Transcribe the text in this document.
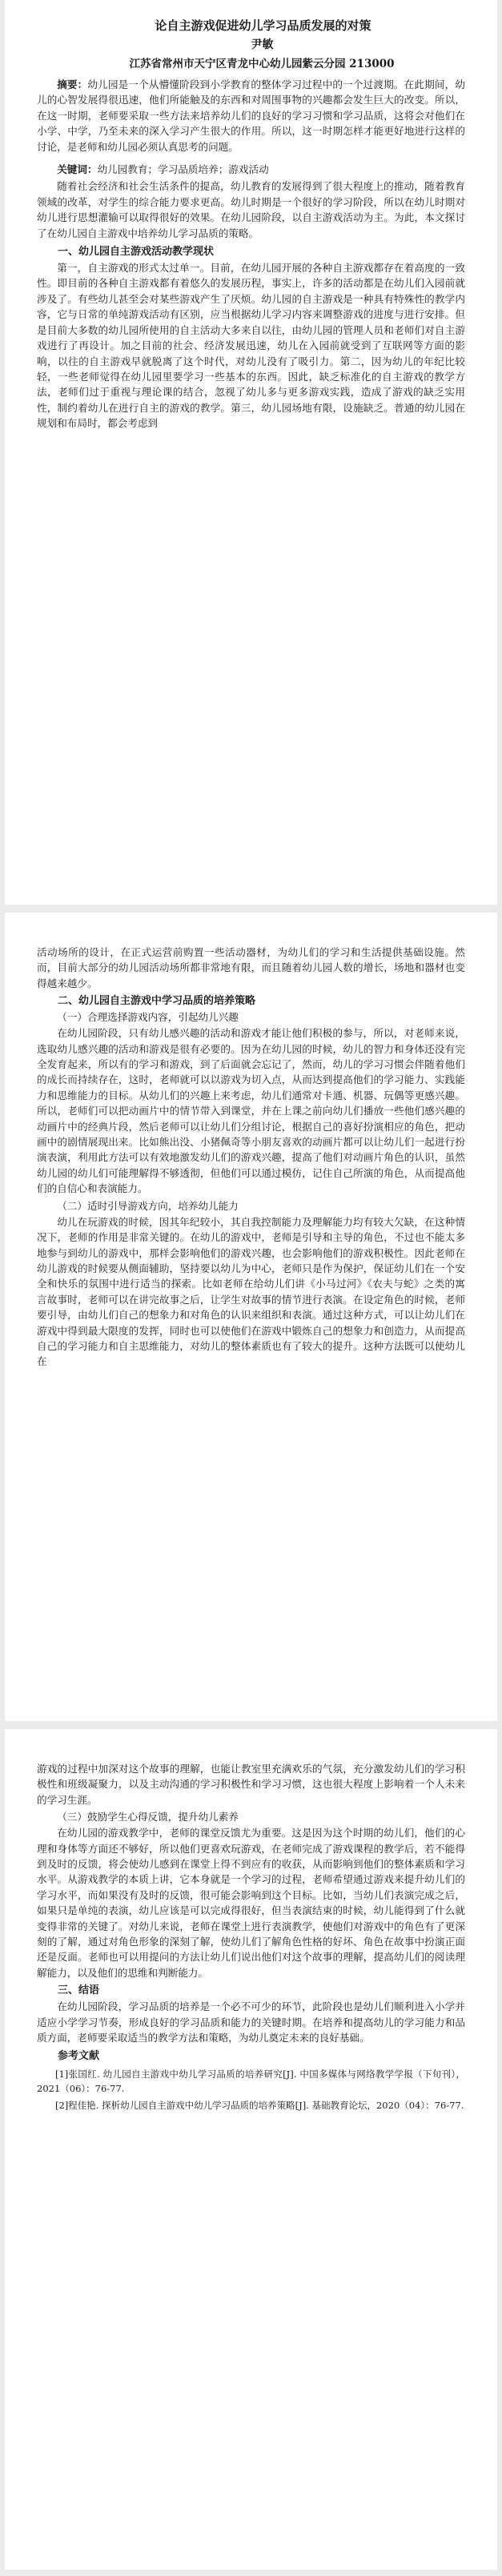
论自主游戏促进幼儿学习品质发展的对策

尹敏

江苏省常州市天宁区青龙中心幼儿园紫云分园 213000

摘要：幼儿园是一个从懵懂阶段到小学教育的整体学习过程中的一个过渡期。在此期间，幼儿的心智发展得很迅速，他们所能触及的东西和对周围事物的兴趣都会发生巨大的改变。所以，在这一时期，老师要采取一些方法来培养幼儿们的良好的学习习惯和学习品质，这将会对他们在小学、中学，乃至未来的深入学习产生很大的作用。所以，这一时期怎样才能更好地进行这样的讨论，是老师和幼儿园必须认真思考的问题。

关键词：幼儿园教育；学习品质培养；游戏活动

随着社会经济和社会生活条件的提高，幼儿教育的发展得到了很大程度上的推动，随着教育领域的改革，对学生的综合能力要求更高。幼儿时期是一个很好的学习阶段，所以在幼儿时期对幼儿进行思想灌输可以取得很好的效果。在幼儿园阶段，以自主游戏活动为主。为此，本文探讨了在幼儿园自主游戏中培养幼儿学习品质的策略。

一、幼儿园自主游戏活动教学现状

第一，自主游戏的形式太过单一。目前，在幼儿园开展的各种自主游戏都存在着高度的一致性。即目前的各种自主游戏都有着悠久的发展历程，事实上，许多的活动都是在幼儿们入园前就涉及了。有些幼儿甚至会对某些游戏产生了厌烦。幼儿园的自主游戏是一种具有特殊性的教学内容，它与日常的单纯游戏活动有区别，应当根据幼儿学习内容来调整游戏的进度与进行安排。但是目前大多数的幼儿园所使用的自主活动大多来自以往，由幼儿园的管理人员和老师们对自主游戏进行了再设计。加之目前的社会、经济发展迅速，幼儿在入园前就受到了互联网等方面的影响，以往的自主游戏早就脱离了这个时代，对幼儿没有了吸引力。第二，因为幼儿的年纪比较轻，一些老师觉得在幼儿园里要学习一些基本的东西。因此，缺乏标准化的自主游戏的教学方法，老师们过于重视与理论课的结合，忽视了幼儿多与更多游戏实践，造成了游戏的缺乏实用性，制约着幼儿在进行自主的游戏的教学。第三，幼儿园场地有限，设施缺乏。普通的幼儿园在规划和布局时，都会考虑到

活动场所的设计，在正式运营前购置一些活动器材，为幼儿们的学习和生活提供基础设施。然而，目前大部分的幼儿园活动场所都非常地有限，而且随着幼儿园人数的增长，场地和器材也变得越来越少。

二、幼儿园自主游戏中学习品质的培养策略
（一）合理选择游戏内容，引起幼儿兴趣

在幼儿园阶段，只有幼儿感兴趣的活动和游戏才能让他们积极的参与，所以，对老师来说，选取幼儿感兴趣的活动和游戏是很有必要的。因为在幼儿园的时候，幼儿的智力和身体还没有完全发育起来，所以有的学习和游戏，到了后面就会忘记了，然而，幼儿的学习习惯会伴随着他们的成长而持续存在，这时，老师就可以以游戏为切入点，从而达到提高他们的学习能力、实践能力和思维能力的目标。从幼儿们的兴趣上来考虑，幼儿们通常对卡通、机器、玩偶等更感兴趣。所以，老师们可以把动画片中的情节带入到课堂，并在上课之前向幼儿们播放一些他们感兴趣的动画片中的经典片段，然后老师可以让幼儿们分组讨论，根据自己的喜好扮演相应的角色，把动画中的剧情展现出来。比如熊出没、小猪佩奇等小朋友喜欢的动画片都可以让幼儿们一起进行扮演表演，利用此方法可以有效地激发幼儿们的游戏兴趣，提高了他们对动画片角色的认识，虽然幼儿园的幼儿们可能理解得不够透彻，但他们可以通过模仿，记住自己所演的角色，从而提高他们的自信心和表演能力。

（二）适时引导游戏方向，培养幼儿能力

幼儿在玩游戏的时候，因其年纪较小，其自我控制能力及理解能力均有较大欠缺，在这种情况下，老师的作用是非常关键的。在幼儿的游戏中，老师是引导和主导的角色，不过也不能太多地参与到幼儿的游戏中，那样会影响他们的游戏兴趣，也会影响他们的游戏积极性。因此老师在幼儿游戏的时候要从侧面辅助，坚持要以幼儿为中心，老师只是作为保护，保证幼儿们在一个安全和快乐的氛围中进行适当的探索。比如老师在给幼儿们讲《小马过河》《农夫与蛇》之类的寓言故事时，老师可以在讲完故事之后，让学生对故事的情节进行表演。在设定角色的时候，老师要引导，由幼儿们自己的想象力和对角色的认识来组织和表演。通过这种方式，可以让幼儿们在游戏中得到最大限度的发挥，同时也可以使他们在游戏中锻炼自己的想象力和创造力，从而提高自己的学习能力和自主思维能力，对幼儿的整体素质也有了较大的提升。这种方法既可以使幼儿在

游戏的过程中加深对这个故事的理解，也能让教室里充满欢乐的气氛，充分激发幼儿们的学习积极性和班级凝聚力，以及主动沟通的学习积极性和学习习惯，这也很大程度上影响着一个人未来的学习生涯。

（三）鼓励学生心得反馈，提升幼儿素养

在幼儿园的游戏教学中，老师的课堂反馈尤为重要。这是因为这个时期的幼儿们，他们的心理和身体等方面还不够好，所以他们更喜欢玩游戏，在老师完成了游戏课程的教学后，若不能得到及时的反馈，将会使幼儿感到在课堂上得不到应有的收获，从而影响到他们的整体素质和学习水平。从游戏教学的本质上讲，它本身就是一个学习的过程，老师希望通过游戏来提升幼儿们的学习水平，而如果没有及时的反馈，很可能会影响到这个目标。比如，当幼儿们表演完成之后，如果只是单纯的表演，幼儿应该是可以完成得很好，但当表演结束的时候，幼儿能得到了什么就变得非常的关键了。对幼儿来说，老师在课堂上进行表演教学，使他们对游戏中的角色有了更深刻的了解，通过对角色形象的深刻了解，使幼儿们了解角色性格的好坏、角色在故事中扮演正面还是反面。老师也可以用提问的方法让幼儿们说出他们对这个故事的理解，提高幼儿们的阅读理解能力，以及他们的思维和判断能力。

三、结语

在幼儿园阶段，学习品质的培养是一个必不可少的环节，此阶段也是幼儿们顺利进入小学并适应小学学习节奏，形成良好的学习品质和能力的关键时期。在培养和提高幼儿的学习能力和品质方面，老师要采取适当的教学方法和策略，为幼儿奠定未来的良好基础。

参考文献

[1]张国红. 幼儿园自主游戏中幼儿学习品质的培养研究[J]. 中国多媒体与网络教学学报（下旬刊），2021（06）：76-77.

[2]程佳艳. 探析幼儿园自主游戏中幼儿学习品质的培养策略[J]. 基础教育论坛，2020（04）：76-77.
